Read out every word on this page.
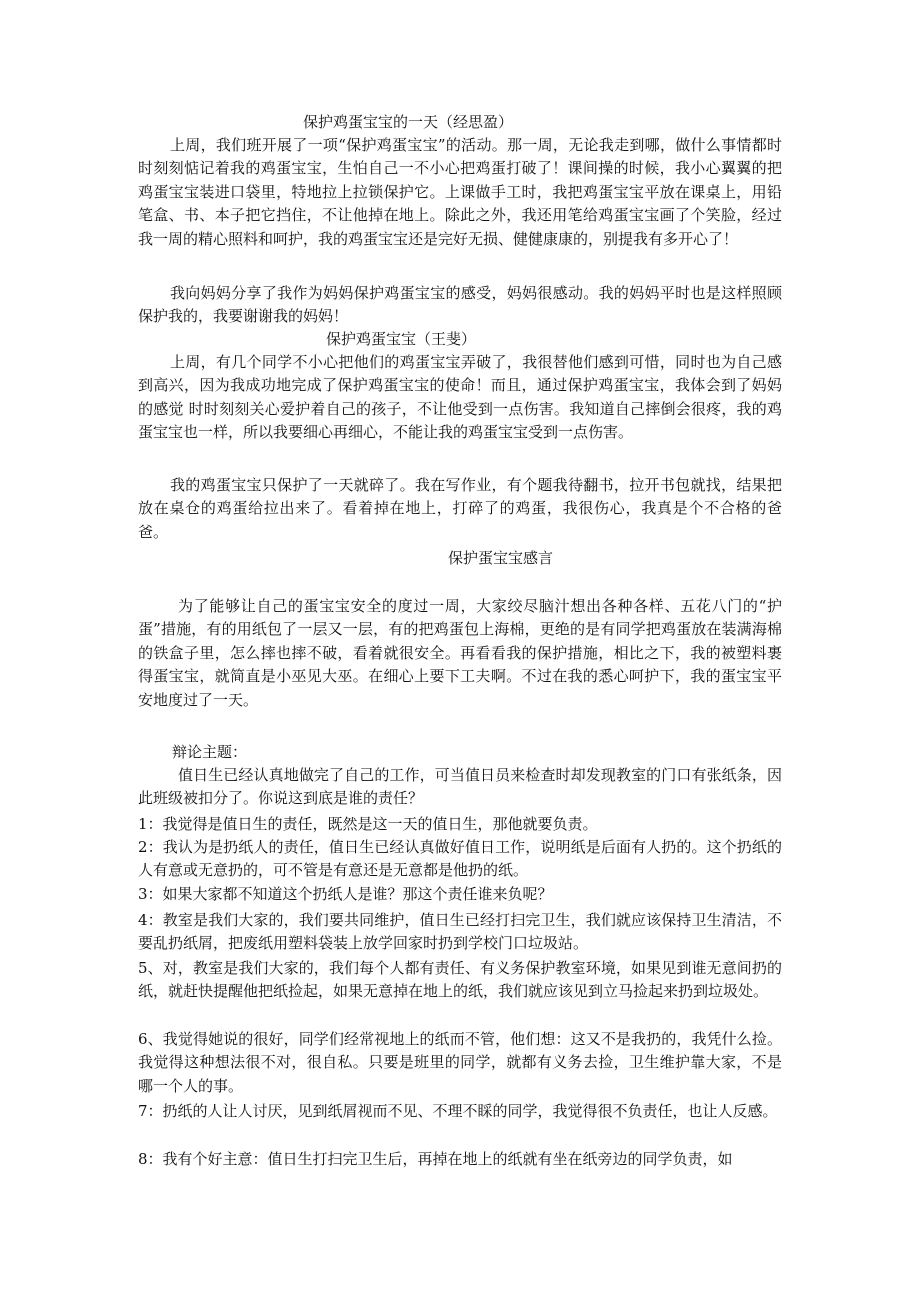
保护鸡蛋宝宝的一天（经思盈）

上周，我们班开展了一项“保护鸡蛋宝宝”的活动。那一周，无论我走到哪，做什么事情都时时刻刻惦记着我的鸡蛋宝宝，生怕自己一不小心把鸡蛋打破了！课间操的时候，我小心翼翼的把鸡蛋宝宝装进口袋里，特地拉上拉锁保护它。上课做手工时，我把鸡蛋宝宝平放在课桌上，用铅笔盒、书、本子把它挡住，不让他掉在地上。除此之外，我还用笔给鸡蛋宝宝画了个笑脸，经过我一周的精心照料和呵护，我的鸡蛋宝宝还是完好无损、健健康康的，别提我有多开心了！

我向妈妈分享了我作为妈妈保护鸡蛋宝宝的感受，妈妈很感动。我的妈妈平时也是这样照顾保护我的，我要谢谢我的妈妈！

保护鸡蛋宝宝（王斐）

上周，有几个同学不小心把他们的鸡蛋宝宝弄破了，我很替他们感到可惜，同时也为自己感到高兴，因为我成功地完成了保护鸡蛋宝宝的使命！而且，通过保护鸡蛋宝宝，我体会到了妈妈的感觉 时时刻刻关心爱护着自己的孩子，不让他受到一点伤害。我知道自己摔倒会很疼，我的鸡蛋宝宝也一样，所以我要细心再细心，不能让我的鸡蛋宝宝受到一点伤害。

我的鸡蛋宝宝只保护了一天就碎了。我在写作业，有个题我待翻书，拉开书包就找，结果把放在桌仓的鸡蛋给拉出来了。看着掉在地上，打碎了的鸡蛋，我很伤心，我真是个不合格的爸爸。

保护蛋宝宝感言

为了能够让自己的蛋宝宝安全的度过一周，大家绞尽脑汁想出各种各样、五花八门的“护蛋”措施，有的用纸包了一层又一层，有的把鸡蛋包上海棉，更绝的是有同学把鸡蛋放在装满海棉的铁盒子里，怎么摔也摔不破，看着就很安全。再看看我的保护措施，相比之下，我的被塑料裹得蛋宝宝，就简直是小巫见大巫。在细心上要下工夫啊。不过在我的悉心呵护下，我的蛋宝宝平安地度过了一天。

辩论主题：

值日生已经认真地做完了自己的工作，可当值日员来检查时却发现教室的门口有张纸条，因此班级被扣分了。你说这到底是谁的责任？

1：我觉得是值日生的责任，既然是这一天的值日生，那他就要负责。

2：我认为是扔纸人的责任，值日生已经认真做好值日工作，说明纸是后面有人扔的。这个扔纸的人有意或无意扔的，可不管是有意还是无意都是他扔的纸。

3：如果大家都不知道这个扔纸人是谁？那这个责任谁来负呢？

4：教室是我们大家的，我们要共同维护，值日生已经打扫完卫生，我们就应该保持卫生清洁，不要乱扔纸屑，把废纸用塑料袋装上放学回家时扔到学校门口垃圾站。

5、对，教室是我们大家的，我们每个人都有责任、有义务保护教室环境，如果见到谁无意间扔的纸，就赶快提醒他把纸捡起，如果无意掉在地上的纸，我们就应该见到立马捡起来扔到垃圾处。

6、我觉得她说的很好，同学们经常视地上的纸而不管，他们想：这又不是我扔的，我凭什么捡。我觉得这种想法很不对，很自私。只要是班里的同学，就都有义务去捡，卫生维护靠大家，不是哪一个人的事。

7：扔纸的人让人讨厌，见到纸屑视而不见、不理不睬的同学，我觉得很不负责任，也让人反感。

8：我有个好主意：值日生打扫完卫生后，再掉在地上的纸就有坐在纸旁边的同学负责，如
